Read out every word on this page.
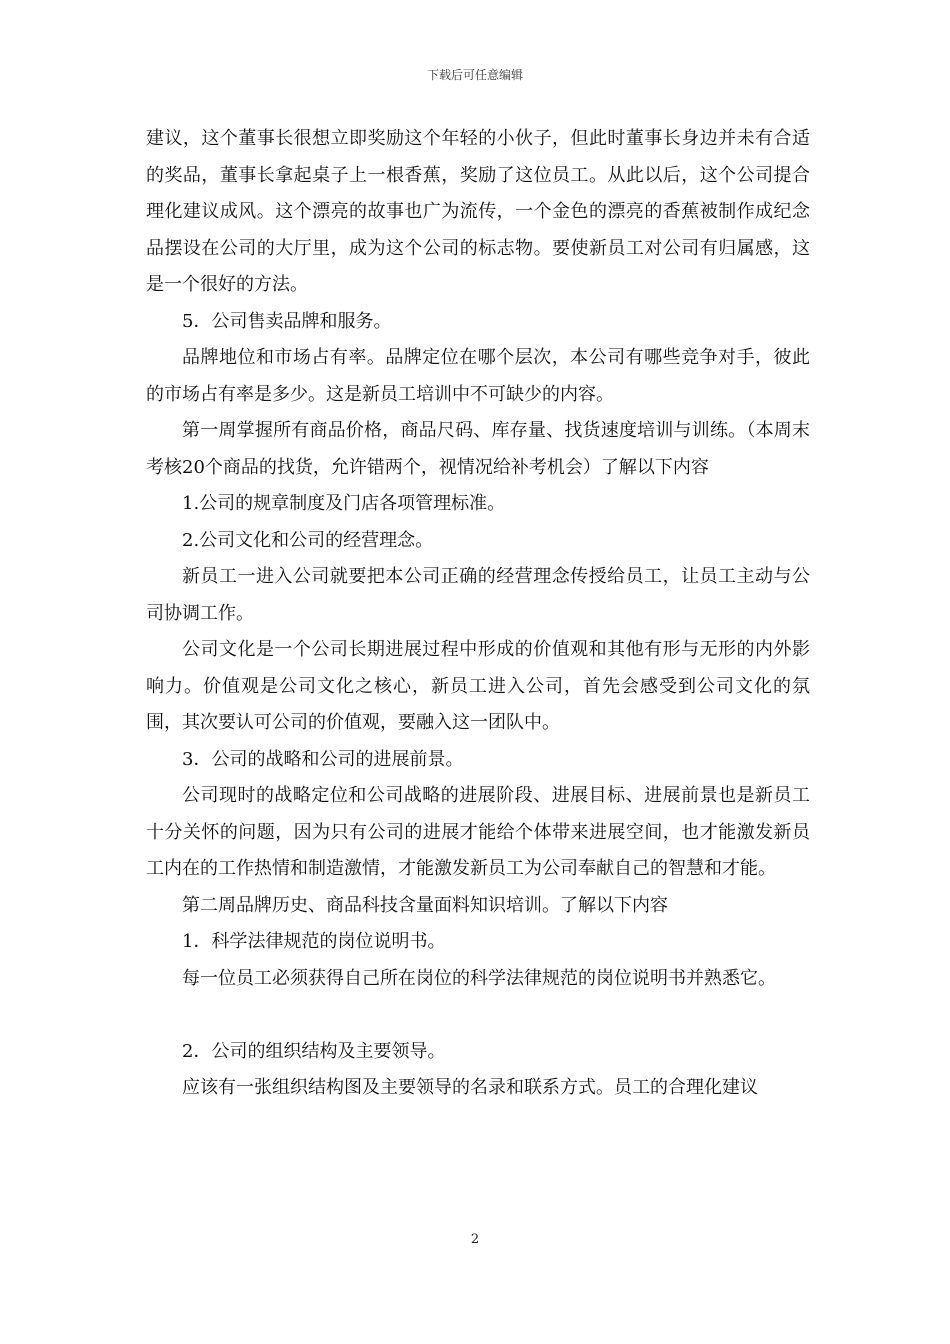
下载后可任意编辑

建议，这个董事长很想立即奖励这个年轻的小伙子，但此时董事长身边并未有合适的奖品，董事长拿起桌子上一根香蕉，奖励了这位员工。从此以后，这个公司提合理化建议成风。这个漂亮的故事也广为流传，一个金色的漂亮的香蕉被制作成纪念品摆设在公司的大厅里，成为这个公司的标志物。要使新员工对公司有归属感，这是一个很好的方法。

5．公司售卖品牌和服务。

品牌地位和市场占有率。品牌定位在哪个层次，本公司有哪些竞争对手，彼此的市场占有率是多少。这是新员工培训中不可缺少的内容。

第一周掌握所有商品价格，商品尺码、库存量、找货速度培训与训练。（本周末考核20个商品的找货，允许错两个，视情况给补考机会）了解以下内容

1.公司的规章制度及门店各项管理标准。

2.公司文化和公司的经营理念。

新员工一进入公司就要把本公司正确的经营理念传授给员工，让员工主动与公司协调工作。

公司文化是一个公司长期进展过程中形成的价值观和其他有形与无形的内外影响力。价值观是公司文化之核心，新员工进入公司，首先会感受到公司文化的氛围，其次要认可公司的价值观，要融入这一团队中。

3．公司的战略和公司的进展前景。

公司现时的战略定位和公司战略的进展阶段、进展目标、进展前景也是新员工十分关怀的问题，因为只有公司的进展才能给个体带来进展空间，也才能激发新员工内在的工作热情和制造激情，才能激发新员工为公司奉献自己的智慧和才能。

第二周品牌历史、商品科技含量面料知识培训。了解以下内容

1．科学法律规范的岗位说明书。

每一位员工必须获得自己所在岗位的科学法律规范的岗位说明书并熟悉它。

2．公司的组织结构及主要领导。

应该有一张组织结构图及主要领导的名录和联系方式。员工的合理化建议

2
